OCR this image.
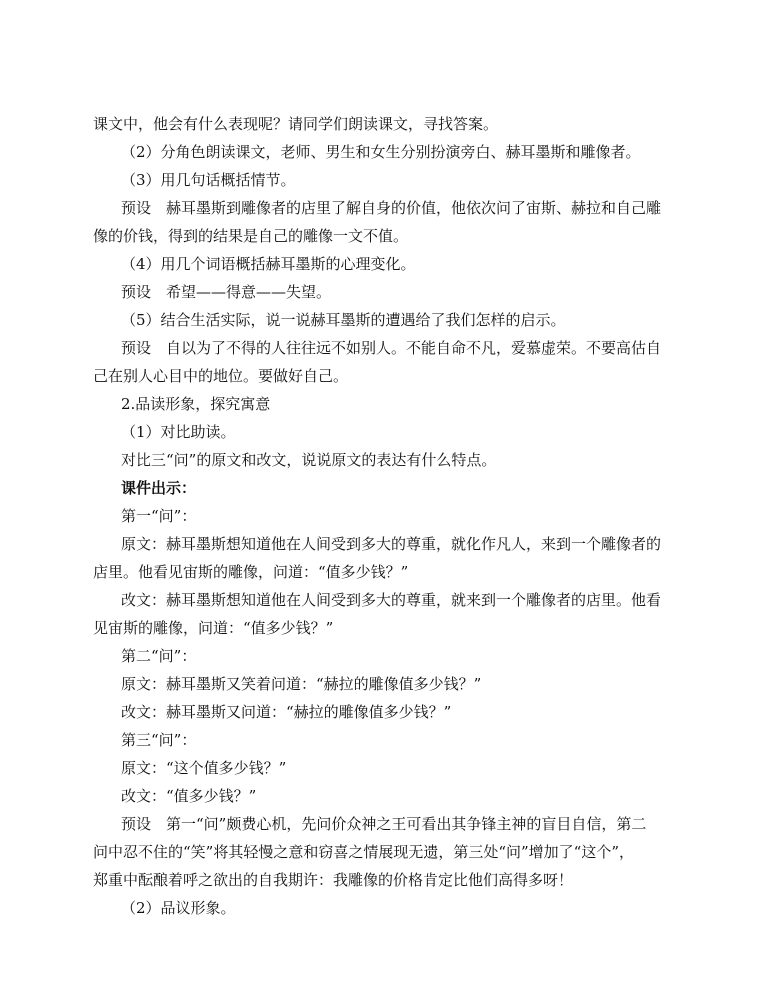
课文中，他会有什么表现呢？请同学们朗读课文，寻找答案。

（2）分角色朗读课文，老师、男生和女生分别扮演旁白、赫耳墨斯和雕像者。

（3）用几句话概括情节。

预设　赫耳墨斯到雕像者的店里了解自身的价值，他依次问了宙斯、赫拉和自己雕

像的价钱，得到的结果是自己的雕像一文不值。

（4）用几个词语概括赫耳墨斯的心理变化。

预设　希望——得意——失望。

（5）结合生活实际，说一说赫耳墨斯的遭遇给了我们怎样的启示。

预设　自以为了不得的人往往远不如别人。不能自命不凡，爱慕虚荣。不要高估自

己在别人心目中的地位。要做好自己。

2.品读形象，探究寓意

（1）对比助读。

对比三“问”的原文和改文，说说原文的表达有什么特点。

课件出示：

第一“问”：

原文：赫耳墨斯想知道他在人间受到多大的尊重，就化作凡人，来到一个雕像者的

店里。他看见宙斯的雕像，问道：“值多少钱？”

改文：赫耳墨斯想知道他在人间受到多大的尊重，就来到一个雕像者的店里。他看

见宙斯的雕像，问道：“值多少钱？”

第二“问”：

原文：赫耳墨斯又笑着问道：“赫拉的雕像值多少钱？”

改文：赫耳墨斯又问道：“赫拉的雕像值多少钱？”

第三“问”：

原文：“这个值多少钱？”

改文：“值多少钱？”

预设　第一“问”颇费心机，先问价众神之王可看出其争锋主神的盲目自信，第二

问中忍不住的“笑”将其轻慢之意和窃喜之情展现无遗，第三处“问”增加了“这个”，

郑重中酝酿着呼之欲出的自我期许：我雕像的价格肯定比他们高得多呀！

（2）品议形象。
